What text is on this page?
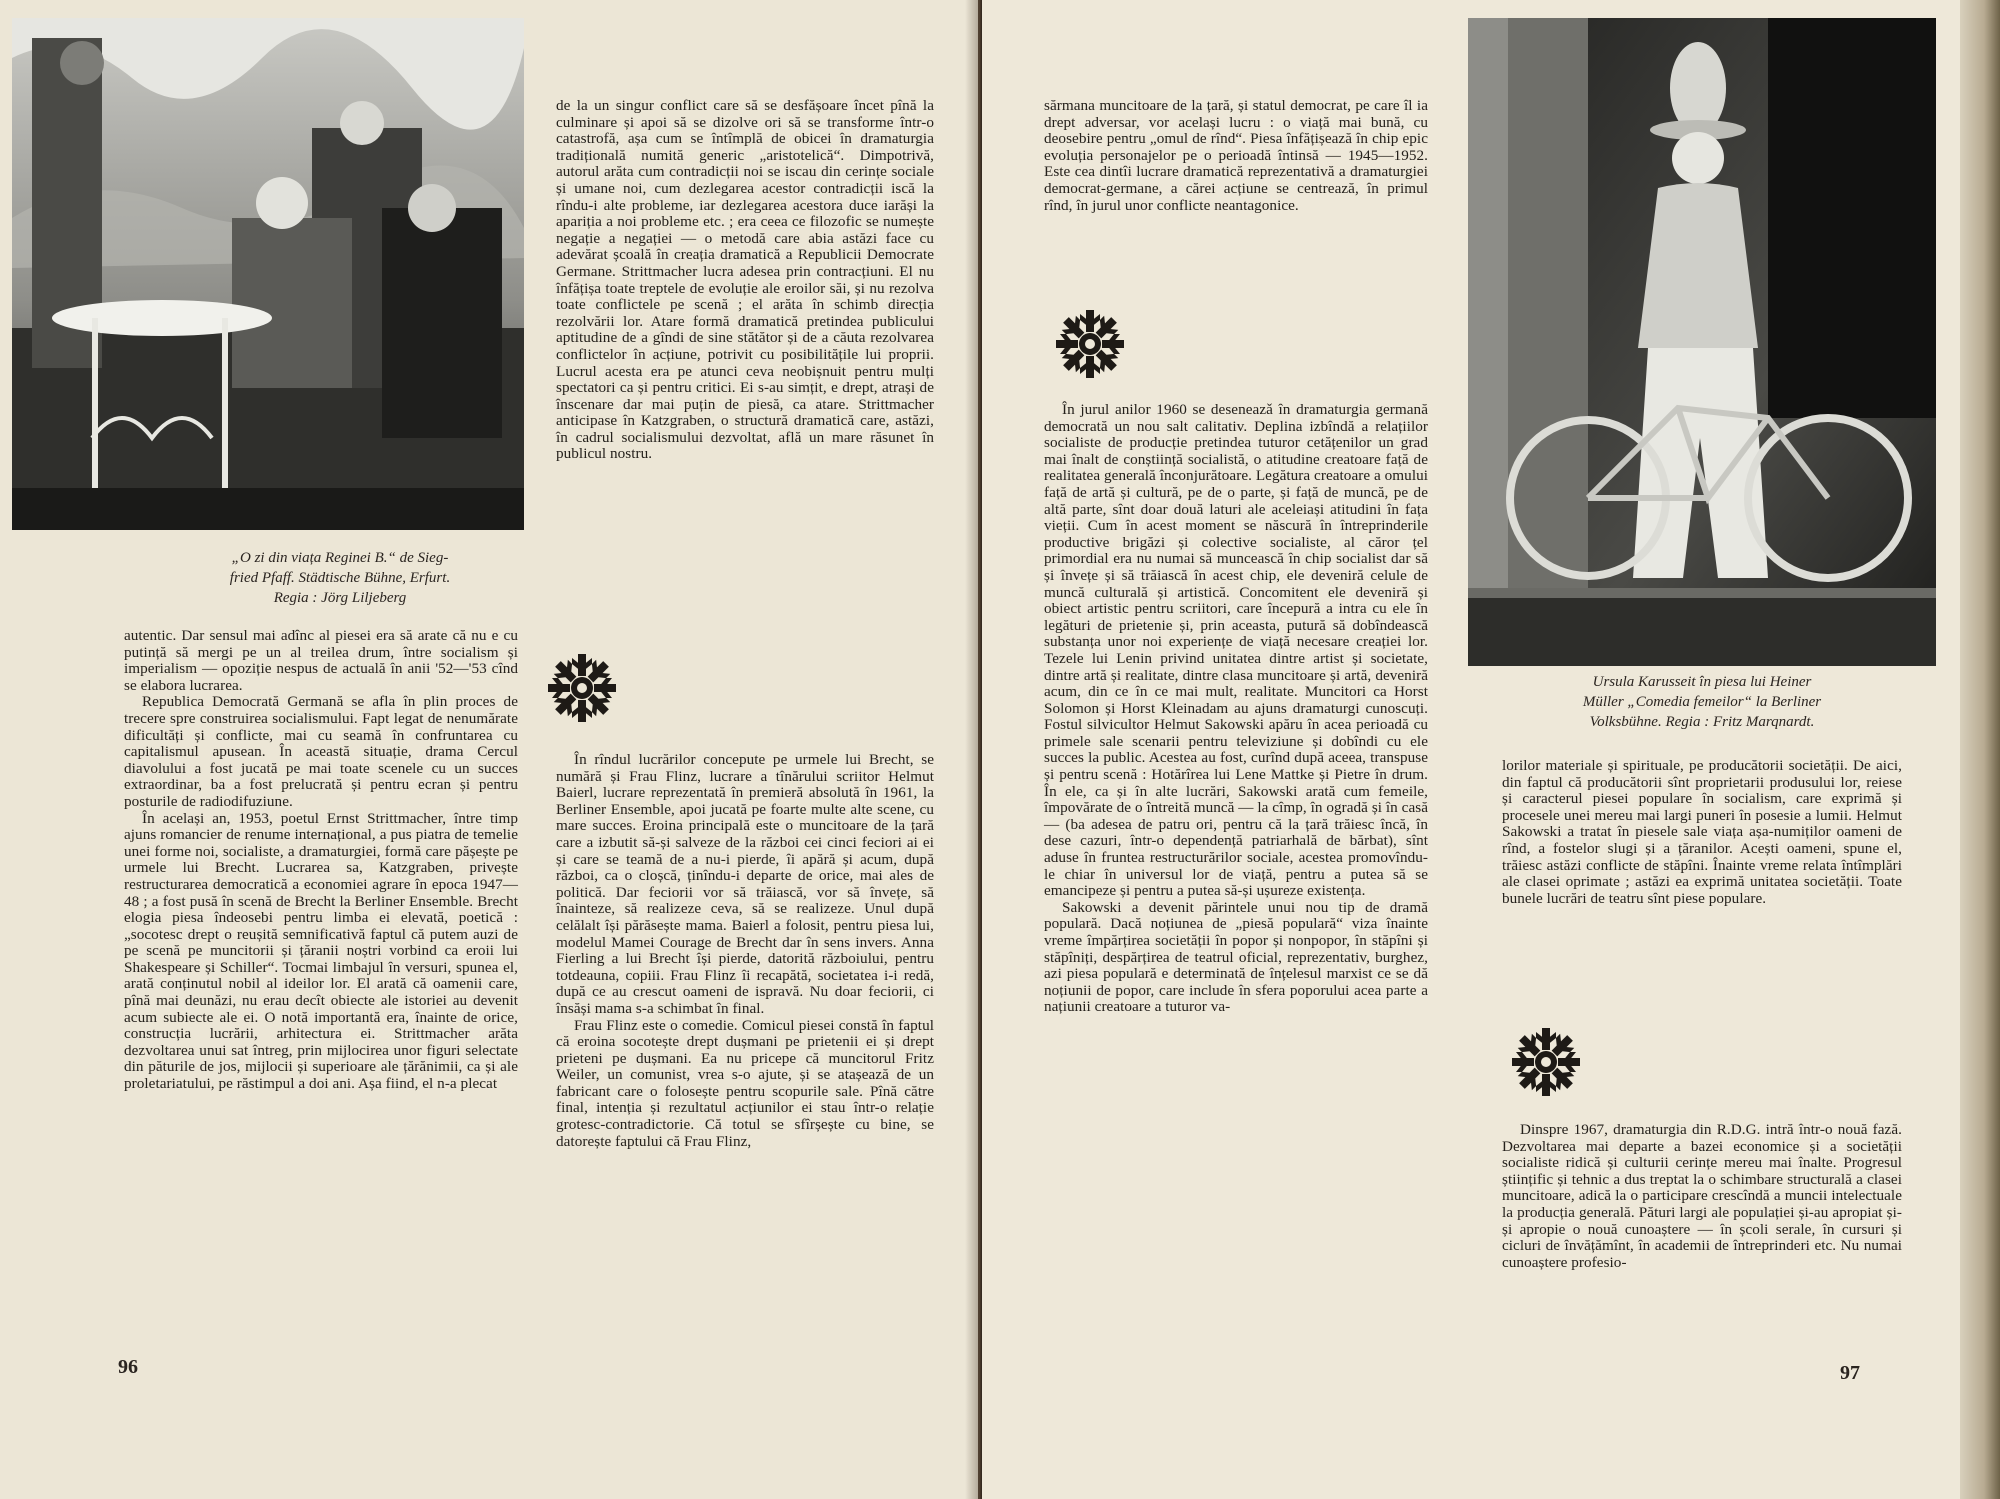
„O zi din viața Reginei B.“ de Sieg-
fried Pfaff. Städtische Bühne, Erfurt.
Regia : Jörg Liljeberg

autentic. Dar sensul mai adînc al piesei era să arate că nu e cu putință să mergi pe un al treilea drum, între socialism și imperialism — opoziție nespus de actuală în anii '52—'53 cînd se elabora lucrarea.

Republica Democrată Germană se afla în plin proces de trecere spre construirea socialismului. Fapt legat de nenumărate dificultăți și conflicte, mai cu seamă în confruntarea cu capitalismul apusean. În această situație, drama Cercul diavolului a fost jucată pe mai toate scenele cu un succes extraordinar, ba a fost prelucrată și pentru ecran și pentru posturile de radiodifuziune.

În același an, 1953, poetul Ernst Strittmacher, între timp ajuns romancier de renume internațional, a pus piatra de temelie unei forme noi, socialiste, a dramaturgiei, formă care pășește pe urmele lui Brecht. Lucrarea sa, Katzgraben, privește restructurarea democratică a economiei agrare în epoca 1947—48 ; a fost pusă în scenă de Brecht la Berliner Ensemble. Brecht elogia piesa îndeosebi pentru limba ei elevată, poetică : „socotesc drept o reușită semnificativă faptul că putem auzi de pe scenă pe muncitorii și țăranii noștri vorbind ca eroii lui Shakespeare și Schiller“. Tocmai limbajul în versuri, spunea el, arată conținutul nobil al ideilor lor. El arată că oamenii care, pînă mai deunăzi, nu erau decît obiecte ale istoriei au devenit acum subiecte ale ei. O notă importantă era, înainte de orice, construcția lucrării, arhitectura ei. Strittmacher arăta dezvoltarea unui sat întreg, prin mijlocirea unor figuri selectate din păturile de jos, mijlocii și superioare ale țărănimii, ca și ale proletariatului, pe răstimpul a doi ani. Așa fiind, el n-a plecat

de la un singur conflict care să se desfășoare încet pînă la culminare și apoi să se dizolve ori să se transforme într-o catastrofă, așa cum se întîmplă de obicei în dramaturgia tradițională numită generic „aristotelică“. Dimpotrivă, autorul arăta cum contradicții noi se iscau din cerințe sociale și umane noi, cum dezlegarea acestor contradicții iscă la rîndu-i alte probleme, iar dezlegarea acestora duce iarăși la apariția a noi probleme etc. ; era ceea ce filozofic se numește negație a negației — o metodă care abia astăzi face cu adevărat școală în creația dramatică a Republicii Democrate Germane. Strittmacher lucra adesea prin contracțiuni. El nu înfățișa toate treptele de evoluție ale eroilor săi, și nu rezolva toate conflictele pe scenă ; el arăta în schimb direcția rezolvării lor. Atare formă dramatică pretindea publicului aptitudine de a gîndi de sine stătător și de a căuta rezolvarea conflictelor în acțiune, potrivit cu posibilitățile lui proprii. Lucrul acesta era pe atunci ceva neobișnuit pentru mulți spectatori ca și pentru critici. Ei s-au simțit, e drept, atrași de înscenare dar mai puțin de piesă, ca atare. Strittmacher anticipase în Katzgraben, o structură dramatică care, astăzi, în cadrul socialismului dezvoltat, află un mare răsunet în publicul nostru.

În rîndul lucrărilor concepute pe urmele lui Brecht, se numără și Frau Flinz, lucrare a tînărului scriitor Helmut Baierl, lucrare reprezentată în premieră absolută în 1961, la Berliner Ensemble, apoi jucată pe foarte multe alte scene, cu mare succes. Eroina principală este o muncitoare de la țară care a izbutit să-și salveze de la război cei cinci feciori ai ei și care se teamă de a nu-i pierde, îi apără și acum, după război, ca o cloșcă, ținîndu-i departe de orice, mai ales de politică. Dar feciorii vor să trăiască, vor să învețe, să înainteze, să realizeze ceva, să se realizeze. Unul după celălalt își părăsește mama. Baierl a folosit, pentru piesa lui, modelul Mamei Courage de Brecht dar în sens invers. Anna Fierling a lui Brecht își pierde, datorită războiului, pentru totdeauna, copiii. Frau Flinz îi recapătă, societatea i-i redă, după ce au crescut oameni de ispravă. Nu doar feciorii, ci însăși mama s-a schimbat în final.

Frau Flinz este o comedie. Comicul piesei constă în faptul că eroina socotește drept dușmani pe prietenii ei și drept prieteni pe dușmani. Ea nu pricepe că muncitorul Fritz Weiler, un comunist, vrea s-o ajute, și se atașează de un fabricant care o folosește pentru scopurile sale. Pînă către final, intenția și rezultatul acțiunilor ei stau într-o relație grotesc-contradictorie. Că totul se sfîrșește cu bine, se datorește faptului că Frau Flinz,

96

sărmana muncitoare de la țară, și statul democrat, pe care îl ia drept adversar, vor același lucru : o viață mai bună, cu deosebire pentru „omul de rînd“. Piesa înfățișează în chip epic evoluția personajelor pe o perioadă întinsă — 1945—1952. Este cea dintîi lucrare dramatică reprezentativă a dramaturgiei democrat-germane, a cărei acțiune se centrează, în primul rînd, în jurul unor conflicte neantagonice.

În jurul anilor 1960 se deseneazǎ în dramaturgia germană democrată un nou salt calitativ. Deplina izbîndă a relațiilor socialiste de producție pretindea tuturor cetățenilor un grad mai înalt de conștiință socialistă, o atitudine creatoare față de realitatea generală înconjurătoare. Legătura creatoare a omului față de artă și cultură, pe de o parte, și față de muncă, pe de altă parte, sînt doar două laturi ale aceleiași atitudini în fața vieții. Cum în acest moment se născură în întreprinderile productive brigăzi și colective socialiste, al căror țel primordial era nu numai să muncească în chip socialist dar să și învețe și să trăiască în acest chip, ele deveniră celule de muncă culturală și artistică. Concomitent ele deveniră și obiect artistic pentru scriitori, care începură a intra cu ele în legături de prietenie și, prin aceasta, putură să dobîndească substanța unor noi experiențe de viață necesare creației lor. Tezele lui Lenin privind unitatea dintre artist și societate, dintre artă și realitate, dintre clasa muncitoare și artă, deveniră acum, din ce în ce mai mult, realitate. Muncitori ca Horst Solomon și Horst Kleinadam au ajuns dramaturgi cunoscuți. Fostul silvicultor Helmut Sakowski apăru în acea perioadă cu primele sale scenarii pentru televiziune și dobîndi cu ele succes la public. Acestea au fost, curînd după aceea, transpuse și pentru scenă : Hotărîrea lui Lene Mattke și Pietre în drum. În ele, ca și în alte lucrări, Sakowski arată cum femeile, împovărate de o întreită muncă — la cîmp, în ogradă și în casă — (ba adesea de patru ori, pentru că la țară trăiesc încă, în dese cazuri, într-o dependență patriarhală de bărbat), sînt aduse în fruntea restructurărilor sociale, acestea promovîndu-le chiar în universul lor de viață, pentru a putea să se emancipeze și pentru a putea să-și ușureze existența.

Sakowski a devenit părintele unui nou tip de dramă populară. Dacă noțiunea de „piesă populară“ viza înainte vreme împărțirea societății în popor și nonpopor, în stăpîni și stăpîniți, despărțirea de teatrul oficial, reprezentativ, burghez, azi piesa populară e determinată de înțelesul marxist ce se dă noțiunii de popor, care include în sfera poporului acea parte a națiunii creatoare a tuturor va-

Ursula Karusseit în piesa lui Heiner
Müller „Comedia femeilor“ la Berliner
Volksbühne. Regia : Fritz Marqnardt.

lorilor materiale și spirituale, pe producătorii societății. De aici, din faptul că producătorii sînt proprietarii produsului lor, reiese și caracterul piesei populare în socialism, care exprimă și procesele unei mereu mai largi puneri în posesie a lumii. Helmut Sakowski a tratat în piesele sale viața așa-numiților oameni de rînd, a fostelor slugi și a țăranilor. Acești oameni, spune el, trăiesc astăzi conflicte de stăpîni. Înainte vreme relata întîmplări ale clasei oprimate ; astăzi ea exprimă unitatea societății. Toate bunele lucrări de teatru sînt piese populare.

Dinspre 1967, dramaturgia din R.D.G. intră într-o nouă fază. Dezvoltarea mai departe a bazei economice și a societății socialiste ridică și culturii cerințe mereu mai înalte. Progresul științific și tehnic a dus treptat la o schimbare structurală a clasei muncitoare, adică la o participare crescîndă a muncii intelectuale la producția generală. Pături largi ale populației și-au apropiat și-și apropie o nouă cunoaștere — în școli serale, în cursuri și cicluri de învățămînt, în academii de întreprinderi etc. Nu numai cunoaștere profesio-

97
